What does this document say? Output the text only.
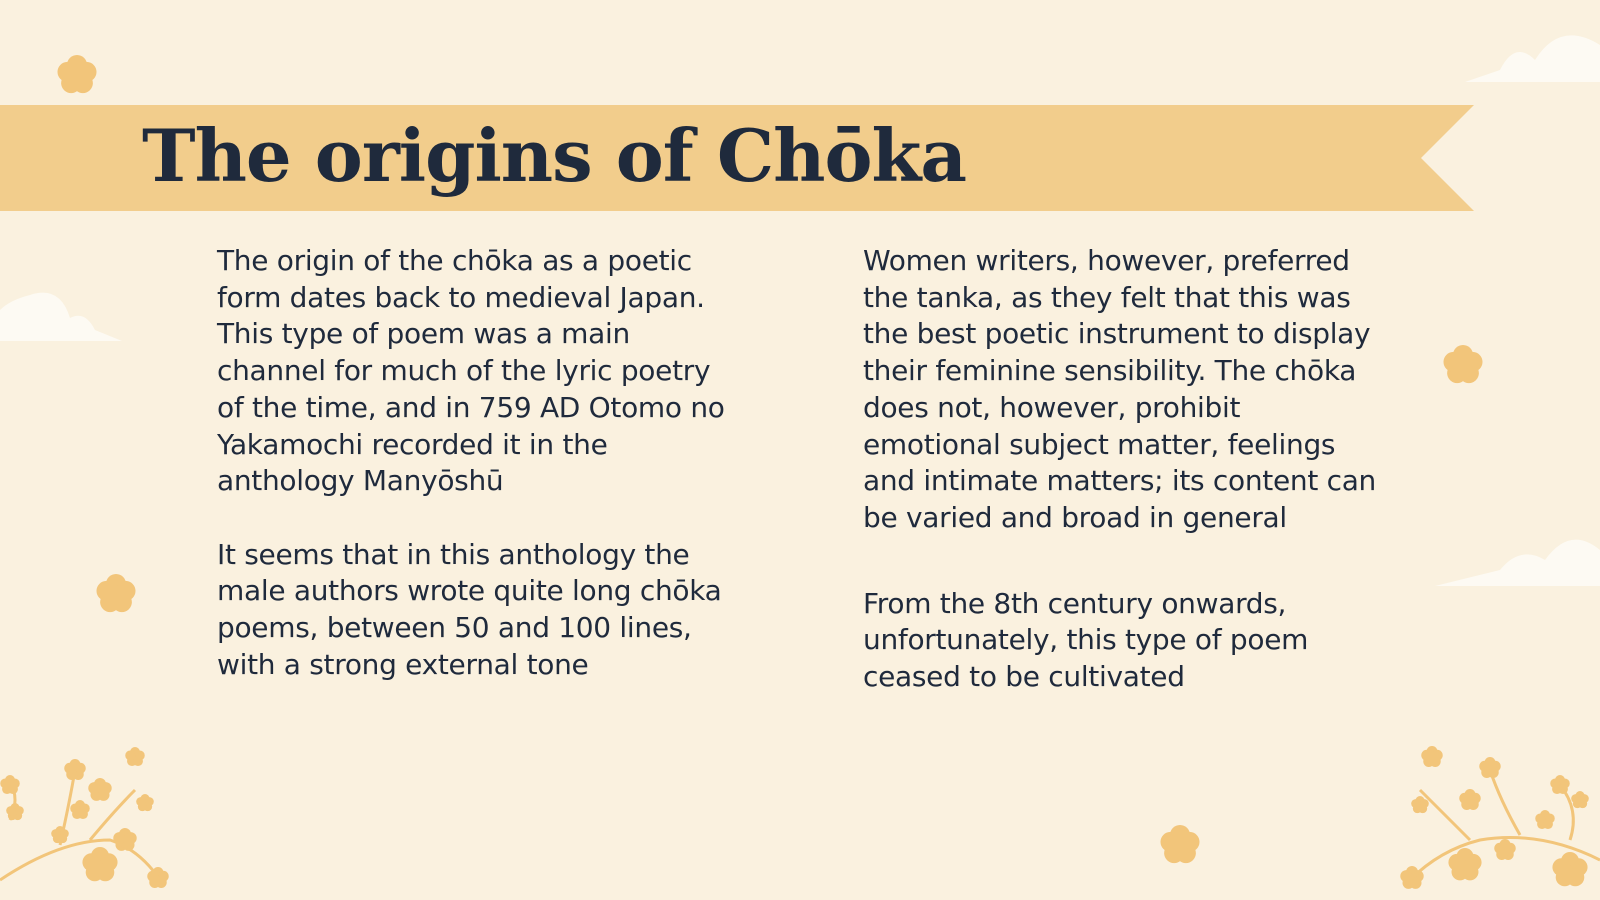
The origins of Chōka

The origin of the chōka as a poetic form dates back to medieval Japan. This type of poem was a main channel for much of the lyric poetry of the time, and in 759 AD Otomo no Yakamochi recorded it in the anthology Manyōshū

It seems that in this anthology the male authors wrote quite long chōka poems, between 50 and 100 lines, with a strong external tone

Women writers, however, preferred the tanka, as they felt that this was the best poetic instrument to display their feminine sensibility. The chōka does not, however, prohibit emotional subject matter, feelings and intimate matters; its content can be varied and broad in general

From the 8th century onwards, unfortunately, this type of poem ceased to be cultivated
